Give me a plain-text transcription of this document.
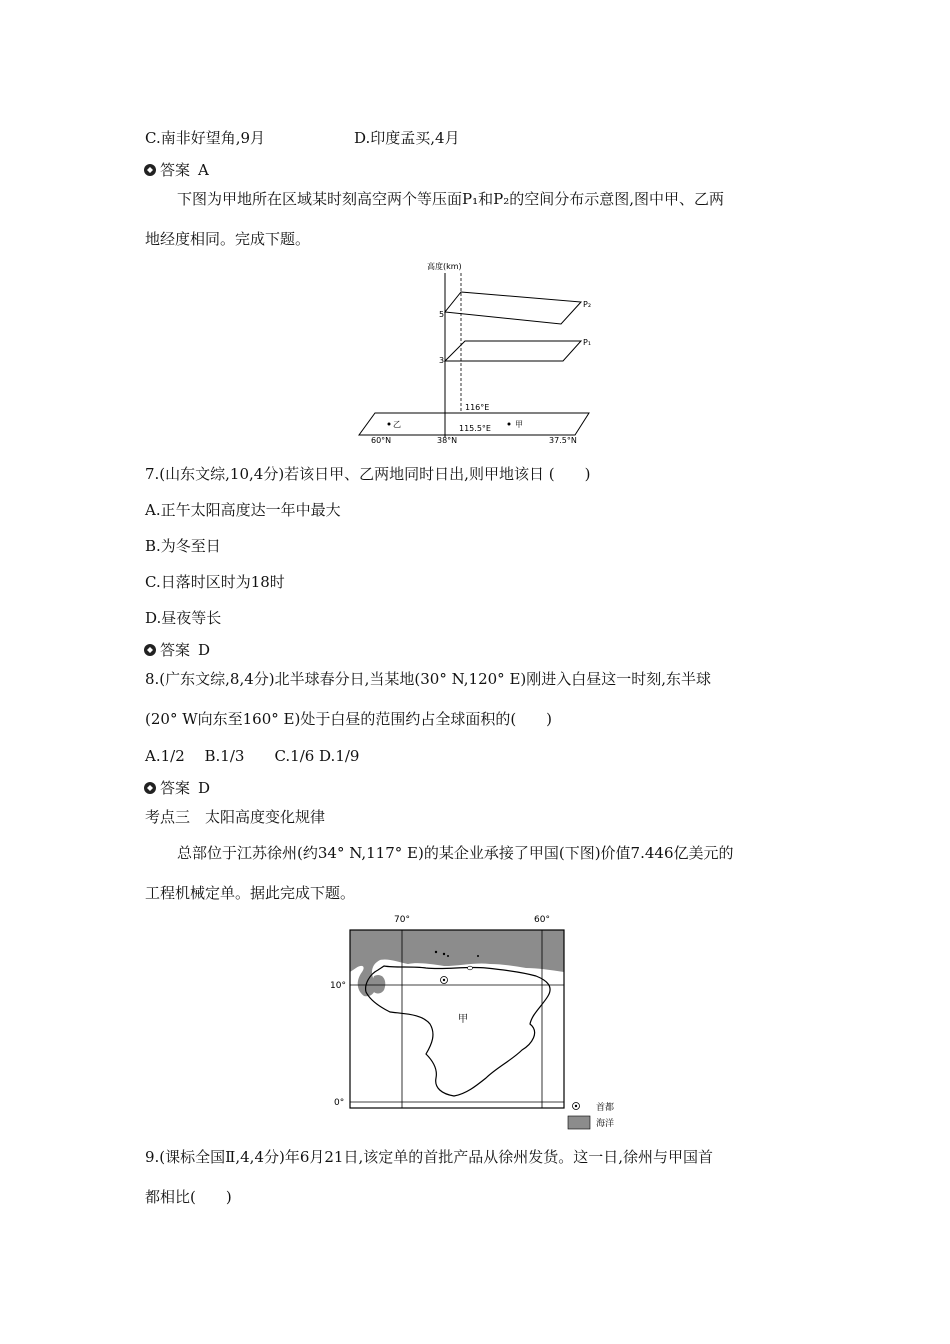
C.南非好望角,9月	D.印度孟买,4月
答案 A
下图为甲地所在区域某时刻高空两个等压面P₁和P₂的空间分布示意图,图中甲、乙两
地经度相同。完成下题。
高度(km)
5
3
P₂
P₁
116°E
115.5°E
乙	甲
60°N	38°N	37.5°N
7.(山东文综,10,4分)若该日甲、乙两地同时日出,则甲地该日 (　　)
A.正午太阳高度达一年中最大
B.为冬至日
C.日落时区时为18时
D.昼夜等长
答案 D
8.(广东文综,8,4分)北半球春分日,当某地(30° N,120° E)刚进入白昼这一时刻,东半球
(20° W向东至160° E)处于白昼的范围约占全球面积的(　　)
A.1/2　 B.1/3　　C.1/6 D.1/9
答案 D
考点三　太阳高度变化规律
总部位于江苏徐州(约34° N,117° E)的某企业承接了甲国(下图)价值7.446亿美元的
工程机械定单。据此完成下题。
70°	60°
10°
0°
甲
首都
海洋
9.(课标全国Ⅱ,4,4分)年6月21日,该定单的首批产品从徐州发货。这一日,徐州与甲国首
都相比(　　)
